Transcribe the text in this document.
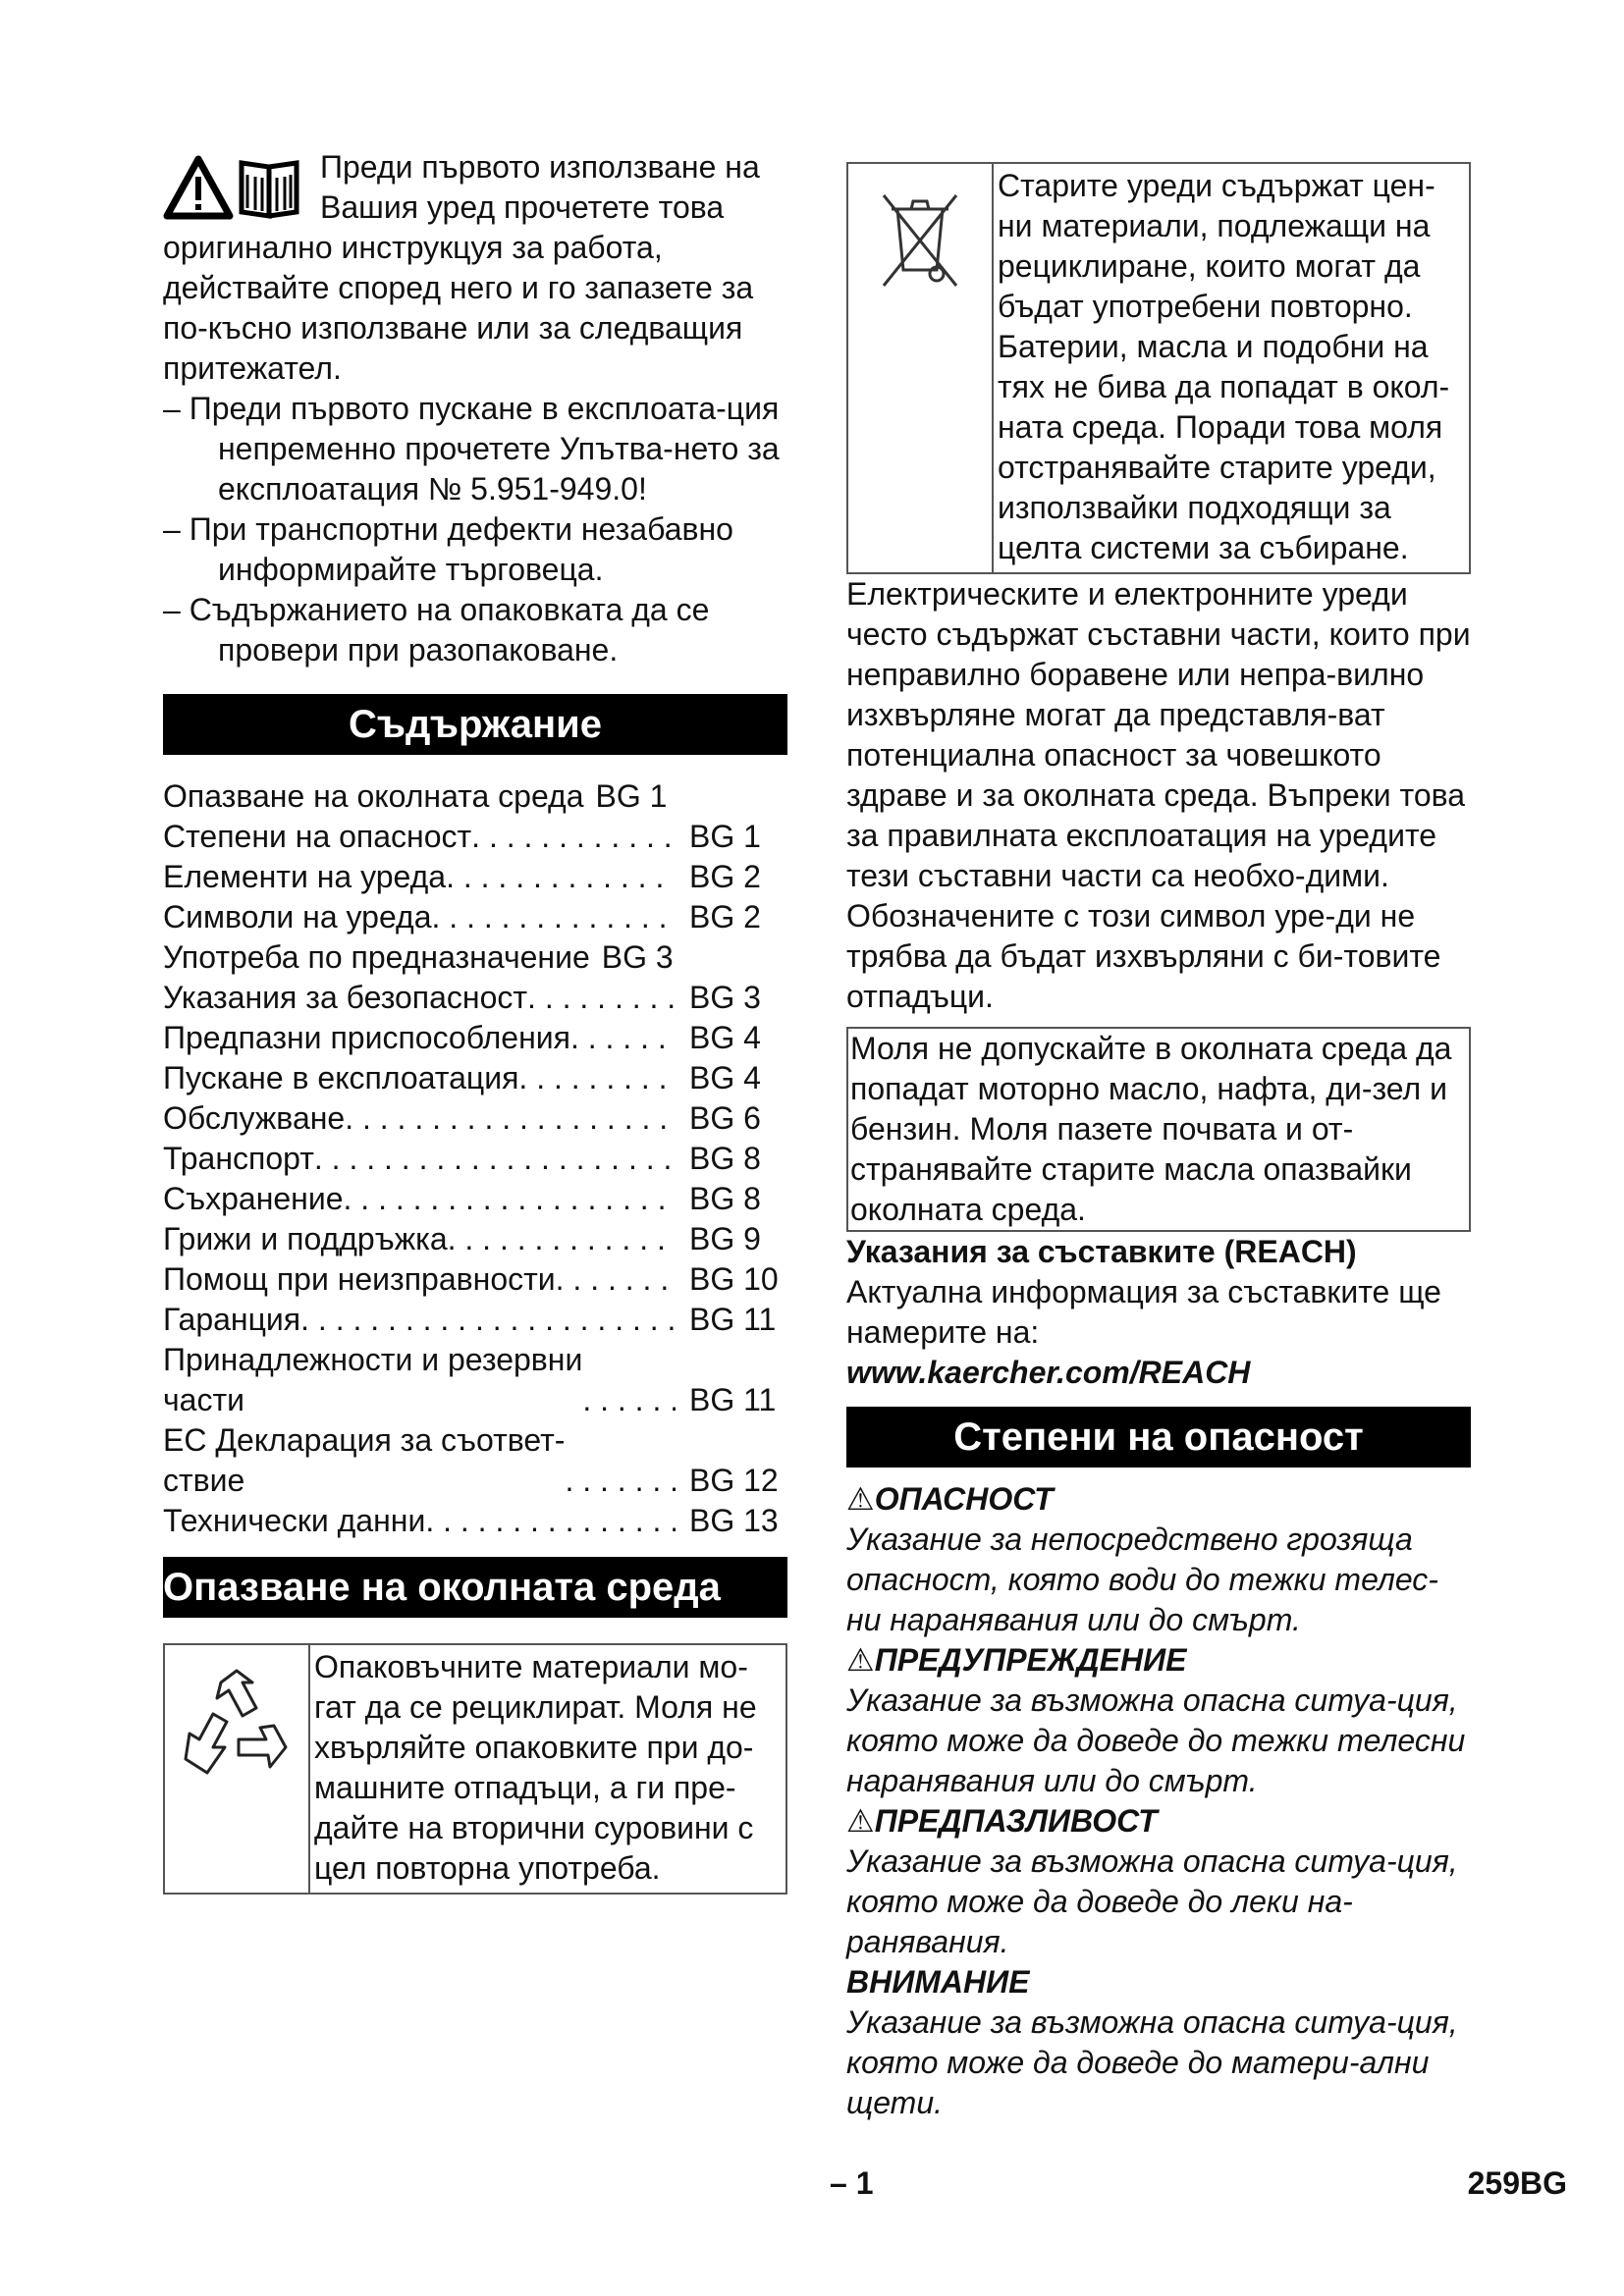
Преди първото използване на
Вашия уред прочетете това оригинално инструкцуя за работа, действайте според него и го запазете за по-късно използване или за следващия притежател.
– Преди първото пускане в експлоата-ция непременно прочетете Упътва-нето за експлоатация № 5.951-949.0!
– При транспортни дефекти незабавно информирайте търговеца.
– Съдържанието на опаковката да се провери при разопаковане.
Съдържание
Опазване на околната среда BG 1
Степени на опасност . . .	BG 1
Елементи на уреда . . .	BG 2
Символи на уреда . . .	BG 2
Употреба по предназначение BG 3
Указания за безопасност . . .	BG 3
Предпазни приспособления . . .	BG 4
Пускане в експлоатация . . .	BG 4
Обслужване . . .	BG 6
Транспорт . . .	BG 8
Съхранение . . .	BG 8
Грижи и поддръжка . . .	BG 9
Помощ при неизправности . . .	BG 10
Гаранция . . .	BG 11
Принадлежности и резервни
части . . .	BG 11
ЕС Декларация за съответ-
ствие . . .	BG 12
Технически данни . . .	BG 13
Опазване на околната среда
Опаковъчните материали мо-гат да се рециклират. Моля не хвърляйте опаковките при до-машните отпадъци, а ги пре-дайте на вторични суровини с цел повторна употреба.
Старите уреди съдържат цен-ни материали, подлежащи на рециклиране, които могат да бъдат употребени повторно. Батерии, масла и подобни на тях не бива да попадат в окол-ната среда. Поради това моля отстранявайте старите уреди, използвайки подходящи за целта системи за събиране.

Електрическите и електронните уреди често съдържат съставни части, които при неправилно боравене или непра-вилно изхвърляне могат да представля-ват потенциална опасност за човешкото здраве и за околната среда. Въпреки това за правилната експлоатация на уредите тези съставни части са необхо-дими. Обозначените с този символ уре-ди не трябва да бъдат изхвърляни с би-товите отпадъци.

Моля не допускайте в околната среда да попадат моторно масло, нафта, ди-зел и бензин. Моля пазете почвата и от-странявайте старите масла опазвайки околната среда.
Указания за съставките (REACH)

Актуална информация за съставките ще намерите на:

www.kaercher.com/REACH
Степени на опасност
⚠ОПАСНОСТ
Указание за непосредствено грозяща опасност, която води до тежки телес-ни наранявания или до смърт.
⚠ПРЕДУПРЕЖДЕНИЕ
Указание за възможна опасна ситуа-ция, която може да доведе до тежки телесни наранявания или до смърт.
⚠ПРЕДПАЗЛИВОСТ
Указание за възможна опасна ситуа-ция, която може да доведе до леки на-ранявания.
ВНИМАНИЕ
Указание за възможна опасна ситуа-ция, която може да доведе до матери-ални щети.
– 1	259BG
